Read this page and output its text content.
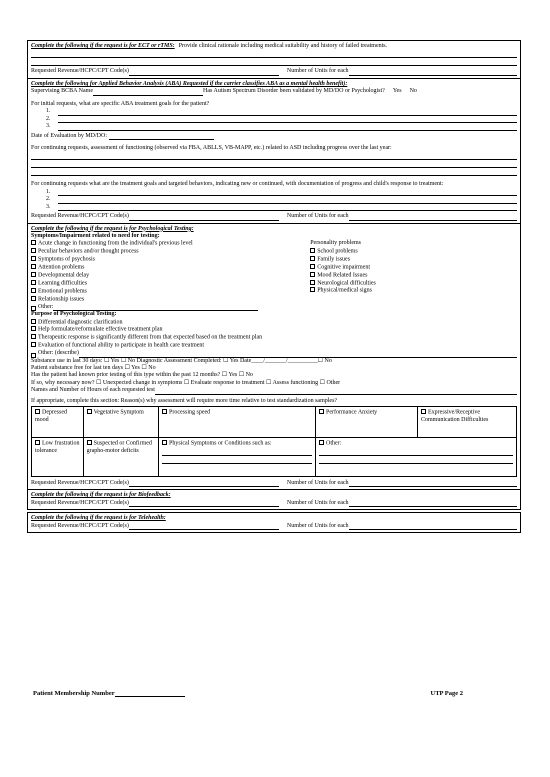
Complete the following if the request is for ECT or rTMS: Provide clinical rationale including medical suitability and history of failed treatments.
Requested Revenue/HCPC/CPT Code(s)	Number of Units for each
Complete the following for Applied Behavior Analysis (ABA) Requested if the carrier classifies ABA as a mental health benefit):
Supervising BCBA Name	Has Autism Spectrum Disorder been validated by MD/DO or Psychologist? Yes No
For initial requests, what are specific ABA treatment goals for the patient?
1.
2.
3.
Date of Evaluation by MD/DO:
For continuing requests, assessment of functioning (observed via FBA, ABLLS, VB-MAPP, etc.) related to ASD including progress over the last year:
For continuing requests what are the treatment goals and targeted behaviors, indicating new or continued, with documentation of progress and child's response to treatment:
1.
2.
3.
Requested Revenue/HCPC/CPT Code(s)	Number of Units for each
Complete the following if the request is for Psychological Testing:
Symptoms/Impairment related to need for testing:
Acute change in functioning from the individual's previous level
Peculiar behaviors and/or thought process
Symptoms of psychosis
Attention problems
Developmental delay
Learning difficulties
Emotional problems
Relationship issues
Other:
Personality problems
School problems
Family issues
Cognitive impairment
Mood Related Issues
Neurological difficulties
Physical/medical signs
Purpose of Psychological Testing:
Differential diagnostic clarification
Help formulate/reformulate effective treatment plan
Therapeutic response is significantly different from that expected based on the treatment plan
Evaluation of functional ability to participate in health care treatment
Other: (describe)
Substance use in last 30 days: ☐ Yes ☐ No Diagnostic Assessment Completed: ☐ Yes Date____/_______/__________☐ No
Patient substance free for last ten days ☐ Yes ☐ No
Has the patient had known prior testing of this type within the past 12 months? ☐ Yes ☐ No
If so, why necessary now? ☐ Unexpected change in symptoms ☐ Evaluate response to treatment ☐ Assess functioning ☐ Other
Names and Number of Hours of each requested test
If appropriate, complete this section: Reason(s) why assessment will require more time relative to test standardization samples?
Depressed mood	Vegetative Symptom	Processing speed	Performance Anxiety	Expressive/Receptive Communication Difficulties
Low frustration tolerance	Suspected or Confirmed grapho-motor deficits	Physical Symptoms or Conditions such as:	Other:	
Requested Revenue/HCPC/CPT Code(s)	Number of Units for each
Complete the following if the request is for Biofeedback:
Requested Revenue/HCPC/CPT Code(s)	Number of Units for each
Complete the following if the request is for Telehealth:
Requested Revenue/HCPC/CPT Code(s)	Number of Units for each
Patient Membership Number	UTP Page 2
